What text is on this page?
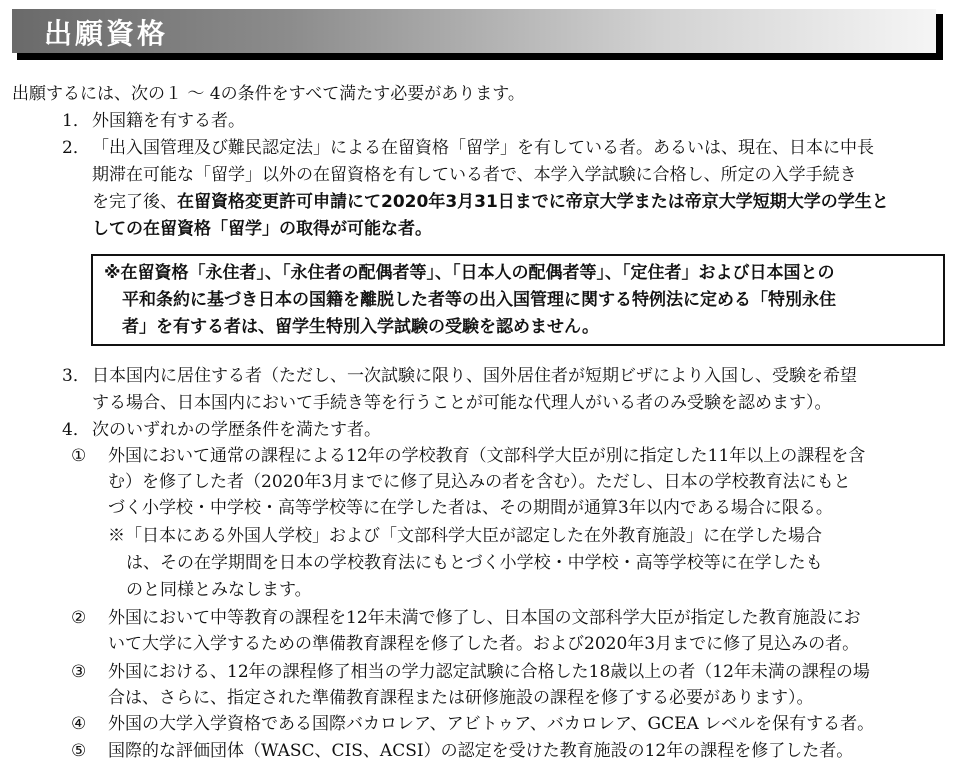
出願資格
出願するには、次の１ ～ 4の条件をすべて満たす必要があります。
1． 外国籍を有する者。
2． 「出入国管理及び難民認定法」による在留資格「留学」を有している者。あるいは、現在、日本に中長
期滞在可能な「留学」以外の在留資格を有している者で、本学入学試験に合格し、所定の入学手続き
を完了後、在留資格変更許可申請にて2020年3月31日までに帝京大学または帝京大学短期大学の学生と
しての在留資格「留学」の取得が可能な者。
※在留資格「永住者」、「永住者の配偶者等」、「日本人の配偶者等」、「定住者」および日本国との
平和条約に基づき日本の国籍を離脱した者等の出入国管理に関する特例法に定める「特別永住
者」を有する者は、留学生特別入学試験の受験を認めません。
3． 日本国内に居住する者（ただし、一次試験に限り、国外居住者が短期ビザにより入国し、受験を希望
する場合、日本国内において手続き等を行うことが可能な代理人がいる者のみ受験を認めます）。
4． 次のいずれかの学歴条件を満たす者。
① 外国において通常の課程による12年の学校教育（文部科学大臣が別に指定した11年以上の課程を含
む）を修了した者（2020年3月までに修了見込みの者を含む）。ただし、日本の学校教育法にもと
づく小学校・中学校・高等学校等に在学した者は、その期間が通算3年以内である場合に限る。
※「日本にある外国人学校」および「文部科学大臣が認定した在外教育施設」に在学した場合
は、その在学期間を日本の学校教育法にもとづく小学校・中学校・高等学校等に在学したも
のと同様とみなします。
② 外国において中等教育の課程を12年未満で修了し、日本国の文部科学大臣が指定した教育施設にお
いて大学に入学するための準備教育課程を修了した者。および2020年3月までに修了見込みの者。
③ 外国における、12年の課程修了相当の学力認定試験に合格した18歳以上の者（12年未満の課程の場
合は、さらに、指定された準備教育課程または研修施設の課程を修了する必要があります）。
④ 外国の大学入学資格である国際バカロレア、アビトゥア、バカロレア、GCEA レベルを保有する者。
⑤ 国際的な評価団体（WASC、CIS、ACSI）の認定を受けた教育施設の12年の課程を修了した者。
